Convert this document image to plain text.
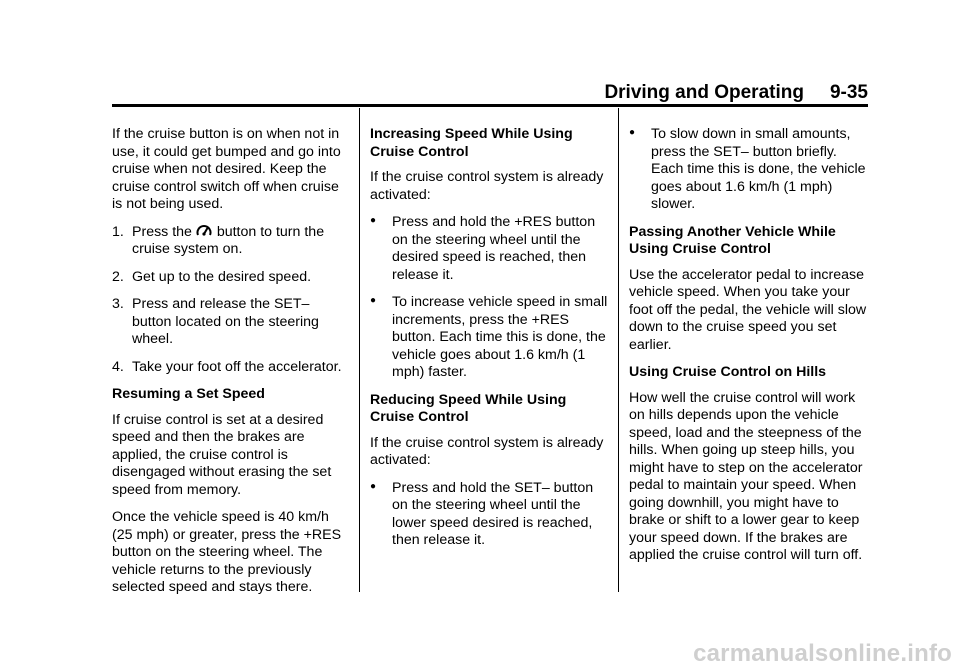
Driving and Operating 9-35

If the cruise button is on when not in use, it could get bumped and go into cruise when not desired. Keep the cruise control switch off when cruise is not being used.

1. Press the  button to turn the cruise system on.
2. Get up to the desired speed.
3. Press and release the SET– button located on the steering wheel.
4. Take your foot off the accelerator.

Resuming a Set Speed

If cruise control is set at a desired speed and then the brakes are applied, the cruise control is disengaged without erasing the set speed from memory.

Once the vehicle speed is 40 km/h (25 mph) or greater, press the +RES button on the steering wheel. The vehicle returns to the previously selected speed and stays there.

Increasing Speed While Using Cruise Control

If the cruise control system is already activated:

●	Press and hold the +RES button on the steering wheel until the desired speed is reached, then release it.
●	To increase vehicle speed in small increments, press the +RES button. Each time this is done, the vehicle goes about 1.6 km/h (1 mph) faster.

Reducing Speed While Using Cruise Control

If the cruise control system is already activated:

●	Press and hold the SET– button on the steering wheel until the lower speed desired is reached, then release it.
●	To slow down in small amounts, press the SET– button briefly. Each time this is done, the vehicle goes about 1.6 km/h (1 mph) slower.

Passing Another Vehicle While Using Cruise Control

Use the accelerator pedal to increase vehicle speed. When you take your foot off the pedal, the vehicle will slow down to the cruise speed you set earlier.

Using Cruise Control on Hills

How well the cruise control will work on hills depends upon the vehicle speed, load and the steepness of the hills. When going up steep hills, you might have to step on the accelerator pedal to maintain your speed. When going downhill, you might have to brake or shift to a lower gear to keep your speed down. If the brakes are applied the cruise control will turn off.

carmanualsonline.info
